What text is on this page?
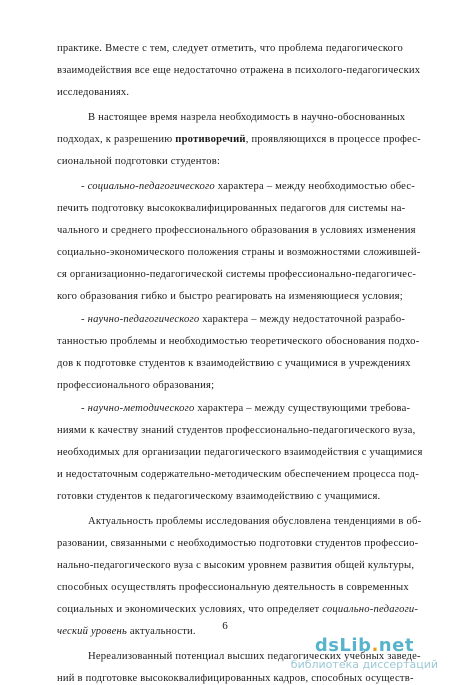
практике. Вместе с тем, следует отметить, что проблема педагогического
взаимодействия все еще недостаточно отражена в психолого-педагогических
исследованиях.
В настоящее время назрела необходимость в научно-обоснованных
подходах, к разрешению противоречий, проявляющихся в процессе профес-
сиональной подготовки студентов:
- социально-педагогического характера – между необходимостью обес-
печить подготовку высококвалифицированных педагогов для системы на-
чального и среднего профессионального образования в условиях изменения
социально-экономического положения страны и возможностями сложившей-
ся организационно-педагогической системы профессионально-педагогичес-
кого образования гибко и быстро реагировать на изменяющиеся условия;
- научно-педагогического характера – между недостаточной разрабо-
танностью проблемы и необходимостью теоретического обоснования подхо-
дов к подготовке студентов к взаимодействию с учащимися в учреждениях
профессионального образования;
- научно-методического характера – между существующими требова-
ниями к качеству знаний студентов профессионально-педагогического вуза,
необходимых для организации педагогического взаимодействия с учащимися
и недостаточным содержательно-методическим обеспечением процесса под-
готовки студентов к педагогическому взаимодействию с учащимися.
Актуальность проблемы исследования обусловлена тенденциями в об-
разовании, связанными с необходимостью подготовки студентов профессио-
нально-педагогического вуза с высоким уровнем развития общей культуры,
способных осуществлять профессиональную деятельность в современных
социальных и экономических условиях, что определяет социально-педагоги-
ческий уровень актуальности.
Нереализованный потенциал высших педагогических учебных заведе-
ний в подготовке высококвалифицированных кадров, способных осуществ-
6
dsLib.net
библиотека диссертаций
